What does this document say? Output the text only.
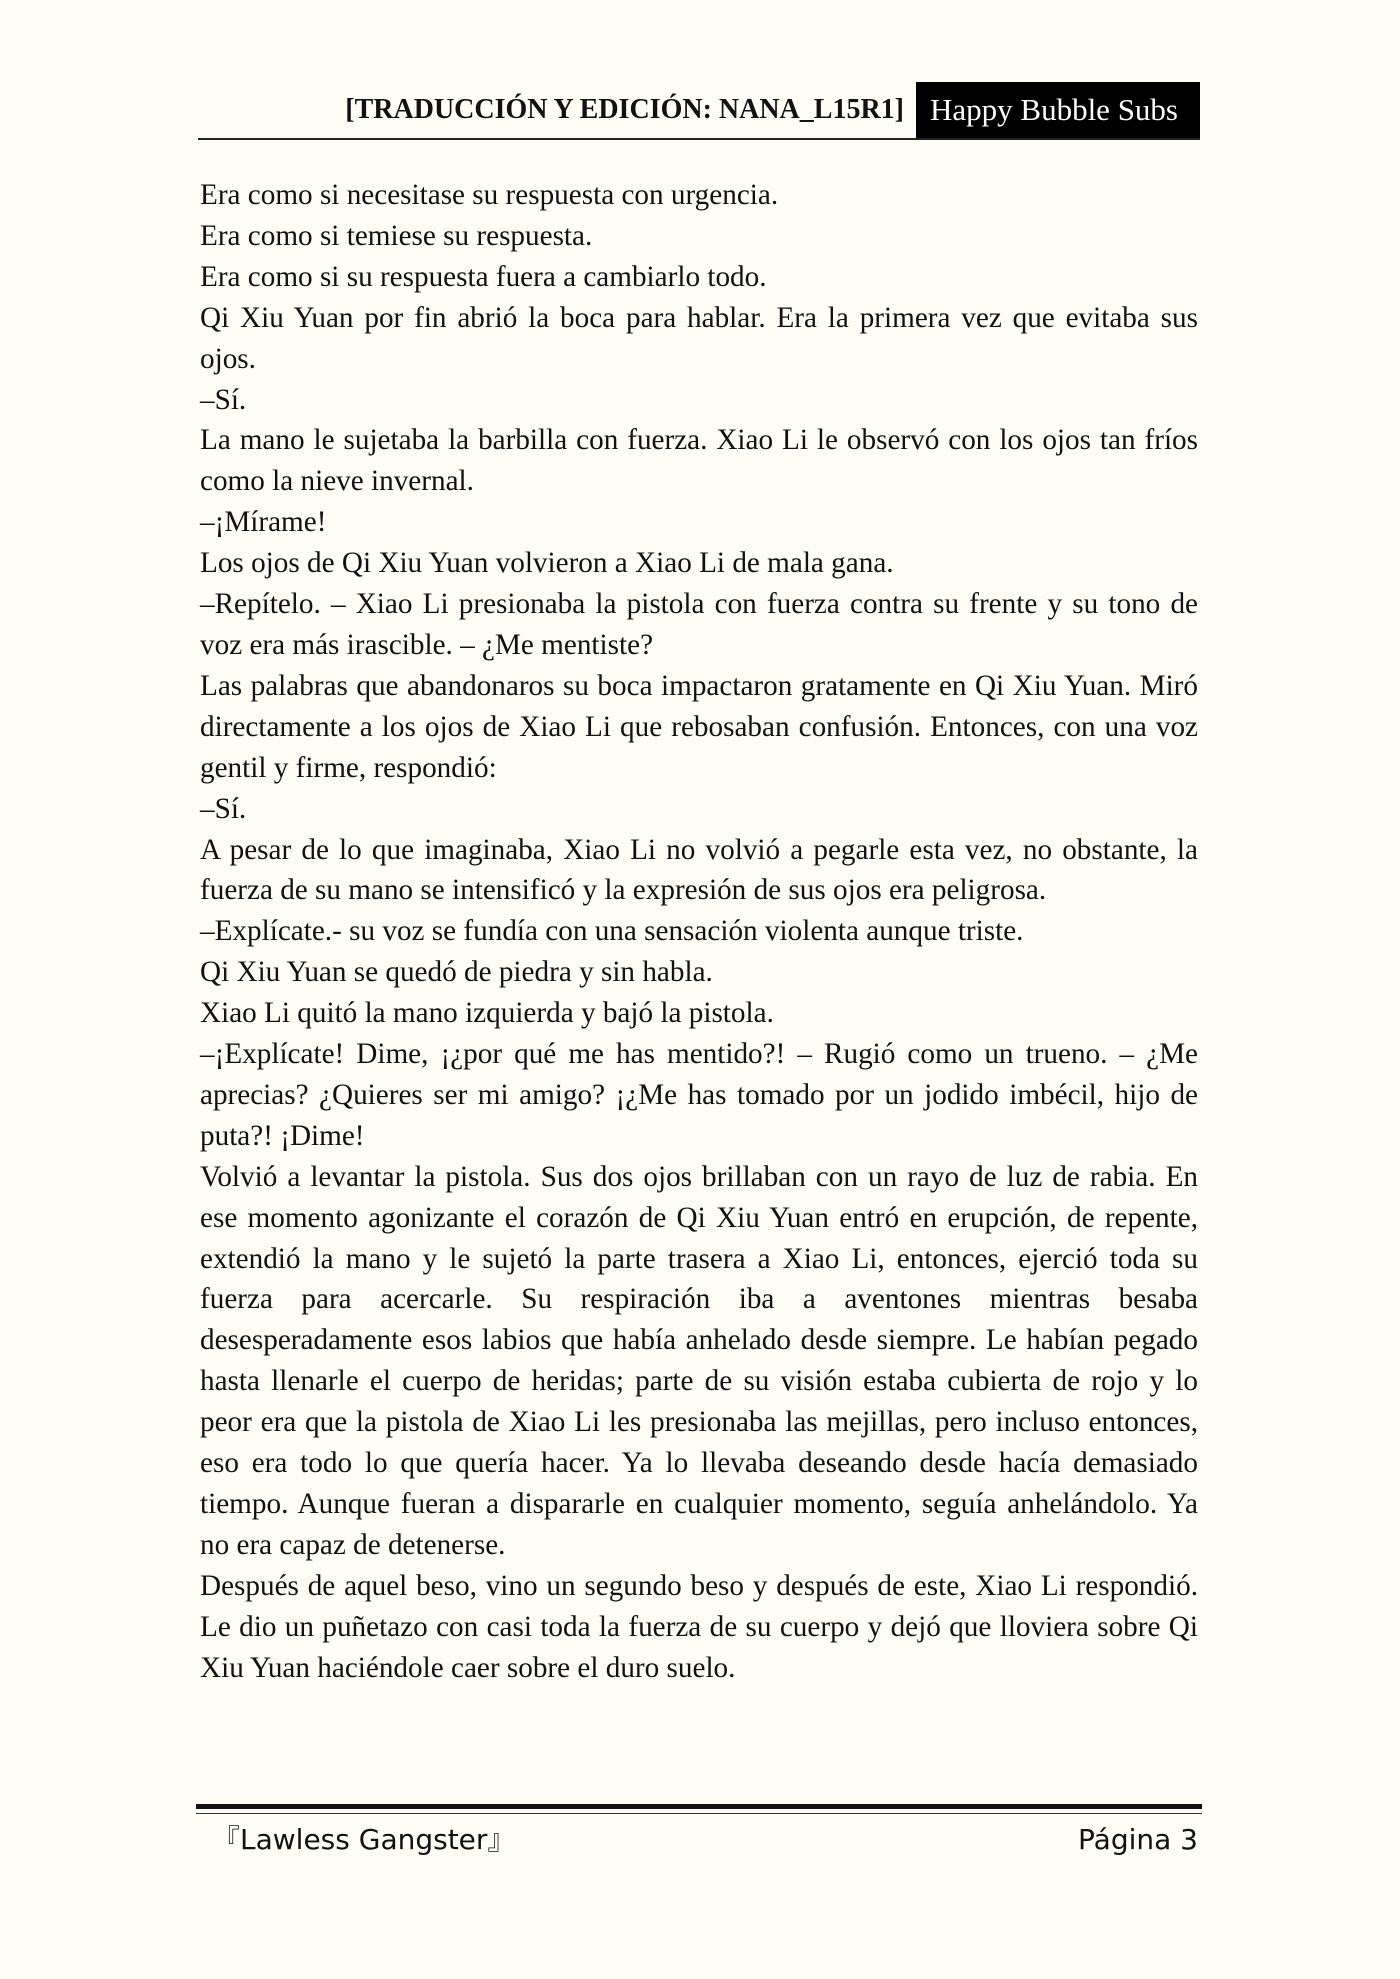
[TRADUCCIÓN Y EDICIÓN: NANA_L15R1] Happy Bubble Subs

Era como si necesitase su respuesta con urgencia.

Era como si temiese su respuesta.

Era como si su respuesta fuera a cambiarlo todo.

Qi Xiu Yuan por fin abrió la boca para hablar. Era la primera vez que evitaba sus ojos.

–Sí.

La mano le sujetaba la barbilla con fuerza. Xiao Li le observó con los ojos tan fríos como la nieve invernal.

–¡Mírame!

Los ojos de Qi Xiu Yuan volvieron a Xiao Li de mala gana.

–Repítelo. – Xiao Li presionaba la pistola con fuerza contra su frente y su tono de voz era más irascible. – ¿Me mentiste?

Las palabras que abandonaros su boca impactaron gratamente en Qi Xiu Yuan. Miró directamente a los ojos de Xiao Li que rebosaban confusión. Entonces, con una voz gentil y firme, respondió:

–Sí.

A pesar de lo que imaginaba, Xiao Li no volvió a pegarle esta vez, no obstante, la fuerza de su mano se intensificó y la expresión de sus ojos era peligrosa.

–Explícate.- su voz se fundía con una sensación violenta aunque triste.

Qi Xiu Yuan se quedó de piedra y sin habla.

Xiao Li quitó la mano izquierda y bajó la pistola.

–¡Explícate! Dime, ¡¿por qué me has mentido?! – Rugió como un trueno. – ¿Me aprecias? ¿Quieres ser mi amigo? ¡¿Me has tomado por un jodido imbécil, hijo de puta?! ¡Dime!

Volvió a levantar la pistola. Sus dos ojos brillaban con un rayo de luz de rabia. En ese momento agonizante el corazón de Qi Xiu Yuan entró en erupción, de repente, extendió la mano y le sujetó la parte trasera a Xiao Li, entonces, ejerció toda su fuerza para acercarle. Su respiración iba a aventones mientras besaba desesperadamente esos labios que había anhelado desde siempre. Le habían pegado hasta llenarle el cuerpo de heridas; parte de su visión estaba cubierta de rojo y lo peor era que la pistola de Xiao Li les presionaba las mejillas, pero incluso entonces, eso era todo lo que quería hacer. Ya lo llevaba deseando desde hacía demasiado tiempo. Aunque fueran a dispararle en cualquier momento, seguía anhelándolo. Ya no era capaz de detenerse.

Después de aquel beso, vino un segundo beso y después de este, Xiao Li respondió. Le dio un puñetazo con casi toda la fuerza de su cuerpo y dejó que lloviera sobre Qi Xiu Yuan haciéndole caer sobre el duro suelo.

『Lawless Gangster』	Página 3
